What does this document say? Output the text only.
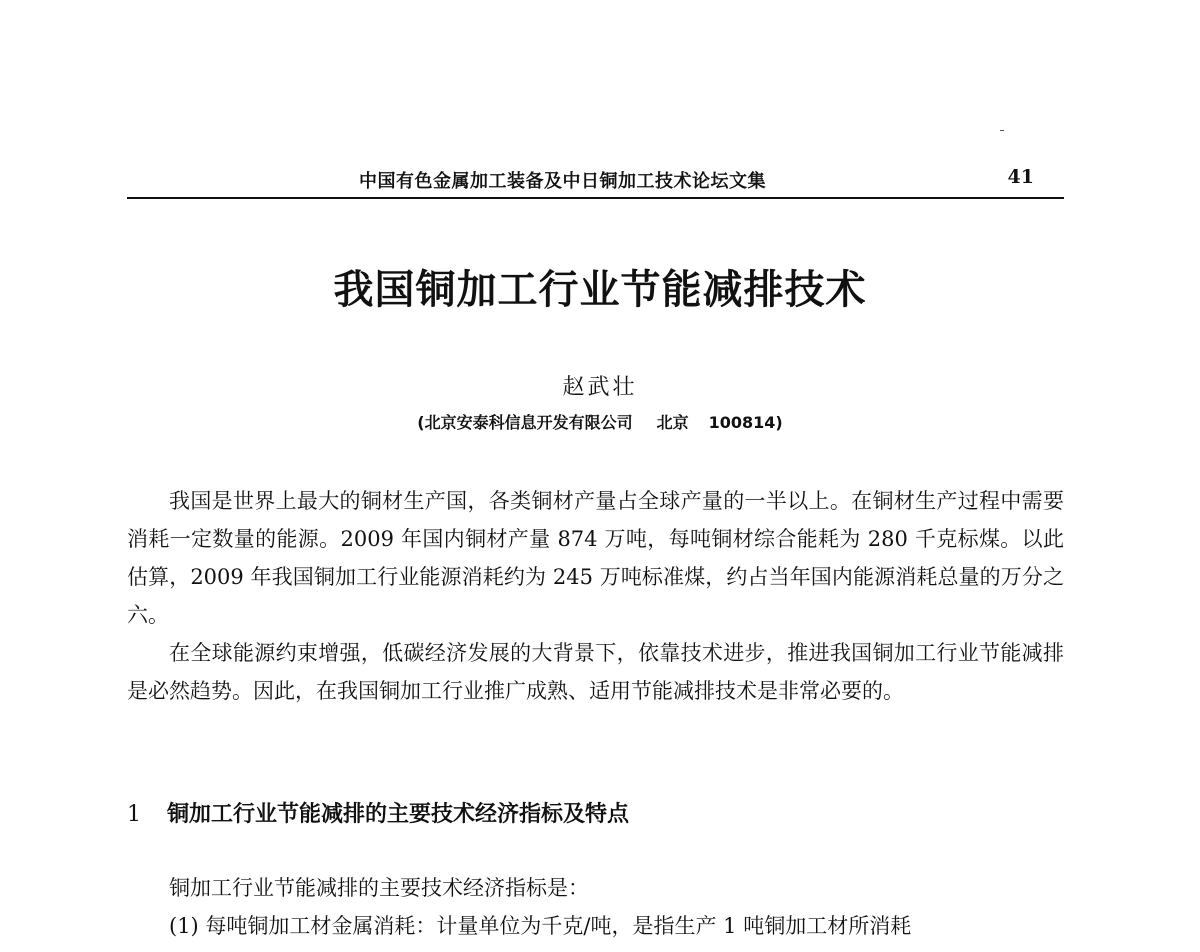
中国有色金属加工装备及中日铜加工技术论坛文集	41
我国铜加工行业节能减排技术
赵武壮
(北京安泰科信息开发有限公司 北京 100814)

我国是世界上最大的铜材生产国，各类铜材产量占全球产量的一半以上。在铜材生产过程中需要消耗一定数量的能源。2009 年国内铜材产量 874 万吨，每吨铜材综合能耗为 280 千克标煤。以此估算，2009 年我国铜加工行业能源消耗约为 245 万吨标准煤，约占当年国内能源消耗总量的万分之六。

在全球能源约束增强，低碳经济发展的大背景下，依靠技术进步，推进我国铜加工行业节能减排是必然趋势。因此，在我国铜加工行业推广成熟、适用节能减排技术是非常必要的。

1 铜加工行业节能减排的主要技术经济指标及特点

铜加工行业节能减排的主要技术经济指标是：

(1) 每吨铜加工材金属消耗：计量单位为千克/吨，是指生产 1 吨铜加工材所消耗
